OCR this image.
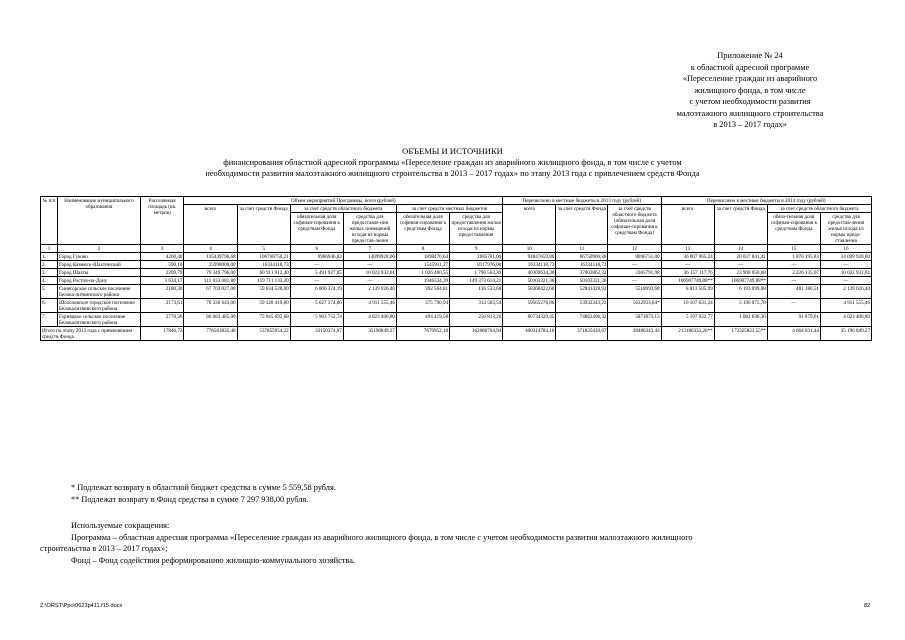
Приложение № 24
к областной адресной программе
«Переселение граждан из аварийного
жилищного фонда, в том числе
с учетом необходимости развития
малоэтажного жилищного строительства
в 2013 – 2017 годах»
ОБЪЕМЫ И ИСТОЧНИКИ
финансирования областной адресной программы «Переселение граждан из аварийного жилищного фонда, в том числе с учетом
необходимости развития малоэтажного жилищного строительства в 2013 – 2017 годах» по этапу 2013 года с привлечением средств Фонда
№ п/п	Наименование муниципального образования	Расселяемая площадь (кв. метров)	Объем мероприятий Программы, всего (рублей)						Перечислено в местные бюджеты в 2013 году (рублей)			Перечислено в местные бюджеты в 2014 году (рублей)			
			всего	за счет средств Фонда	за счет средств областного бюджета		за счет средств местных бюджетов		всего	за счет средств Фонда	за счет средств областного бюджета (обязательная доля софинан-сирования к средствам Фонда)	всего	за счет средств Фонда	за счет средств областного бюджета	
					обязательная доля софинан-сирования к средствам Фонда	средства для предоставле-ния жилых помещений исходя из нормы предостав-ления	обязательная доля софинан-сирования к средствам Фонда	средства для предоставления жилья исходя из нормы предоставления						обяза-тельная доля софинан-сирования к средствам Фонда	средства для предостав-ления жилья исходя из нормы предо-ставления
1	2	3	4	5	6	7	8	9	10	11	12	13	14	15	16
1.	Город Гуково	4260,40	135439796,68	106768750,21	9966946,83	14099928,00	1898470,64	2685701,00	94847659,80	86750906,80	8096751,00	36 007 965,24	20 037 841,41	1 870 195,83	14 099 928,00
2.	Город Каменск-Шахтинский	590,10	25998006,00	16334118,73	—	—	1545911,27	8117976,00	16334118,73	16334118,73	—	—	—	—	—
3.	Город Шахты	2209,79	79 349 796,00	60 911 912,40	5 491 927,05	10 022 932,61	1 026 460,55	1 796 563,39	40369634,30	37003862,32	3365791,98	36 157 117,76	23 908 050,08	2 226 135,07	10 022 932,61
4.	Город Ростов-на-Дону	3 634,17	311 033 081,80	159 711 133,20	—	—	1946334,39	149 373 614,21	50103321,36	50103321,36	—	106907749,88**	106907749,88**	—	—
5.	Синегорское сельское поселение Белока-литвинского района	2180,30	67 703 027,00	59 634 528,00	6 000 374,19	2 139 026,40	392 564,81	136 533,60	58360422,60	52841428,92	5518993,68	8 813 505,99	6 193 099,08	481 380,51	2 139 026,40
6.	Шолоховское городское поселение Белокалитвинского района	2173,61	70 336 643,00	59 128 419,00	5 627 374,06	4 911 555,46	375 790,94	313 503,54	59565276,86	53932343,22	5632933,64*	10 107 631,24	5 196 075,78	—	4 911 555,46
7.	Горняцкое сельское поселение Белокалитвинского района	2778,36	86 683 485,00	75 945 692,68	5 963 752,74	4 023 406,80	494 419,58	256 813,20	80734329,45	74862496,32	5871873,13	5 197 922,77	1 082 636,36	91 879,61	4 023 406,80
Итого по этапу 2013 года с привлечением средств Фонда		17846,73	776563835,48	537855954,22	33150374,87	35196849,27	7679952,18	162680704,94	400314783,10	371825439,67	28486343,43	213186333,26**	173325823,55**	4 664 031,44	35 196 849,27
* Подлежат возврату в областной бюджет средства в сумме 5 559,58 рубля.
** Подлежат возврату в Фонд средства в сумме 7 297 938,00 рубля.
Используемые сокращения:
Программа – областная адресная программа «Переселение граждан из аварийного жилищного фонда, в том числе с учетом необходимости развития малоэтажного жилищного
строительства в 2013 – 2017 годах»;
Фонд – Фонд содействия реформированию жилищно-коммунального хозяйства.
Z:\ORST\Ppo\0623p411.f15.docx	82
